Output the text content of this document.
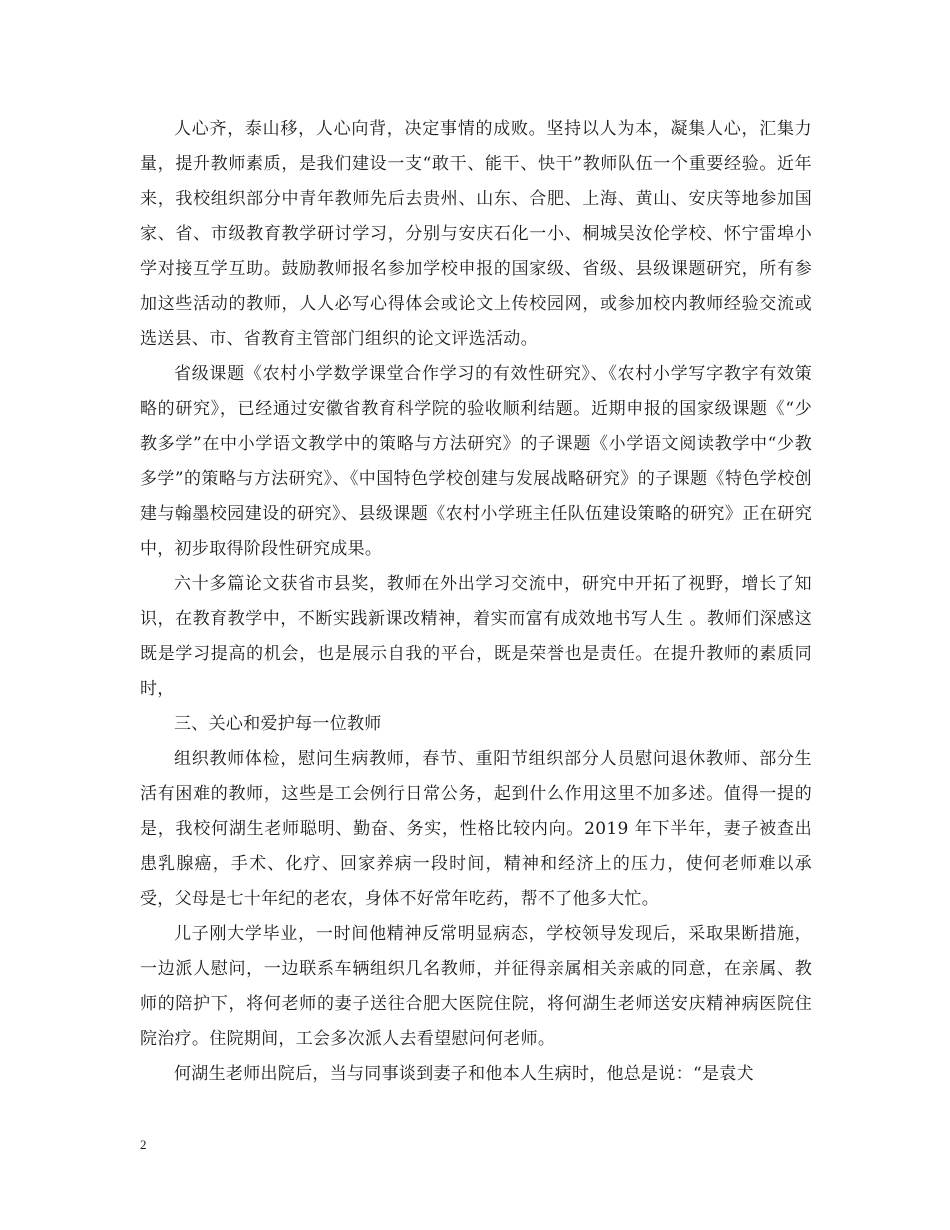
人心齐，泰山移，人心向背，决定事情的成败。坚持以人为本，凝集人心，汇集力量，提升教师素质，是我们建设一支“敢干、能干、快干”教师队伍一个重要经验。近年来，我校组织部分中青年教师先后去贵州、山东、合肥、上海、黄山、安庆等地参加国家、省、市级教育教学研讨学习，分别与安庆石化一小、桐城吴汝伦学校、怀宁雷埠小学对接互学互助。鼓励教师报名参加学校申报的国家级、省级、县级课题研究，所有参加这些活动的教师，人人必写心得体会或论文上传校园网，或参加校内教师经验交流或选送县、市、省教育主管部门组织的论文评选活动。

省级课题《农村小学数学课堂合作学习的有效性研究》、《农村小学写字教字有效策略的研究》，已经通过安徽省教育科学院的验收顺利结题。近期申报的国家级课题《“少教多学”在中小学语文教学中的策略与方法研究》的子课题《小学语文阅读教学中“少教多学”的策略与方法研究》、《中国特色学校创建与发展战略研究》的子课题《特色学校创建与翰墨校园建设的研究》、县级课题《农村小学班主任队伍建设策略的研究》正在研究中，初步取得阶段性研究成果。

六十多篇论文获省市县奖，教师在外出学习交流中，研究中开拓了视野，增长了知识，在教育教学中，不断实践新课改精神，着实而富有成效地书写人生 。教师们深感这既是学习提高的机会，也是展示自我的平台，既是荣誉也是责任。在提升教师的素质同时，

三、关心和爱护每一位教师

组织教师体检，慰问生病教师，春节、重阳节组织部分人员慰问退休教师、部分生活有困难的教师，这些是工会例行日常公务，起到什么作用这里不加多述。值得一提的是，我校何湖生老师聪明、勤奋、务实，性格比较内向。2019 年下半年，妻子被查出患乳腺癌，手术、化疗、回家养病一段时间，精神和经济上的压力，使何老师难以承受，父母是七十年纪的老农，身体不好常年吃药，帮不了他多大忙。

儿子刚大学毕业，一时间他精神反常明显病态，学校领导发现后，采取果断措施，一边派人慰问，一边联系车辆组织几名教师，并征得亲属相关亲戚的同意，在亲属、教师的陪护下，将何老师的妻子送往合肥大医院住院，将何湖生老师送安庆精神病医院住院治疗。住院期间，工会多次派人去看望慰问何老师。

何湖生老师出院后，当与同事谈到妻子和他本人生病时，他总是说：“是袁犬

2
